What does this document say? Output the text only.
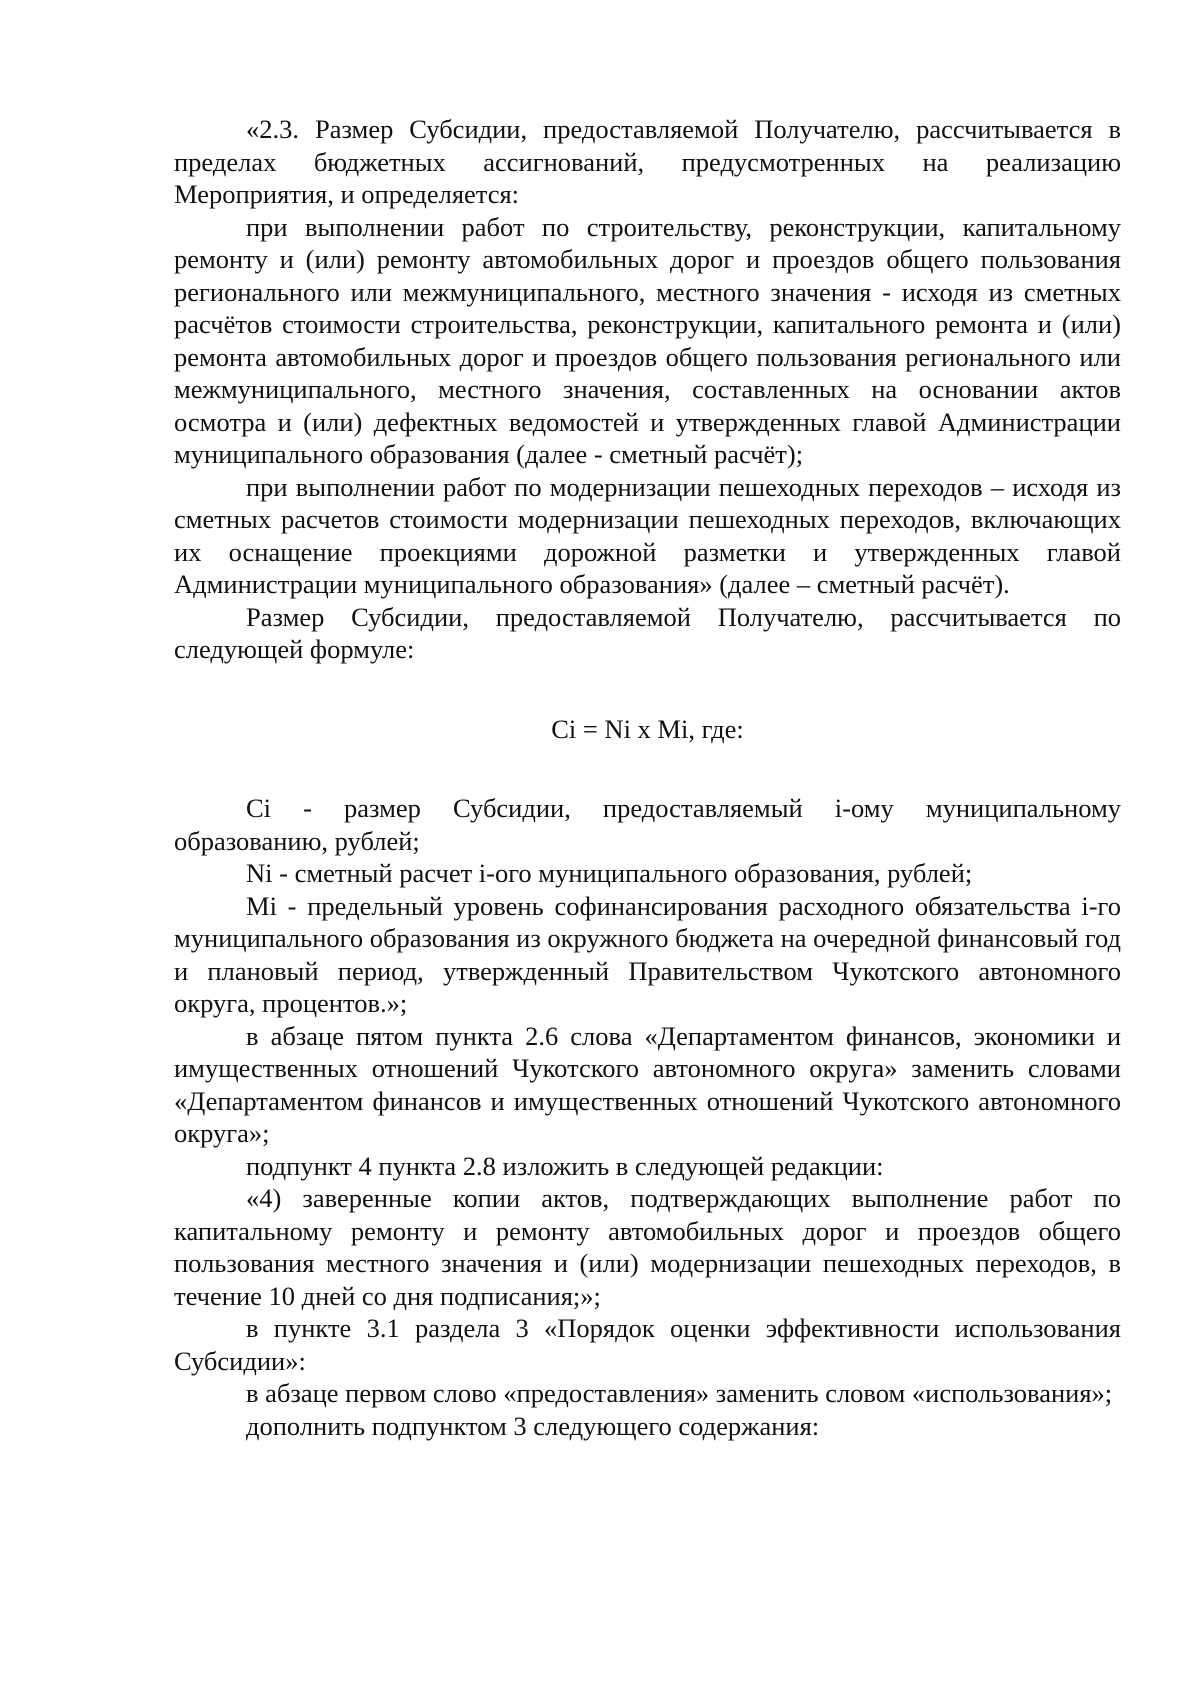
«2.3. Размер Субсидии, предоставляемой Получателю, рассчитывается в пределах бюджетных ассигнований, предусмотренных на реализацию Мероприятия, и определяется:

при выполнении работ по строительству, реконструкции, капитальному ремонту и (или) ремонту автомобильных дорог и проездов общего пользования регионального или межмуниципального, местного значения - исходя из сметных расчётов стоимости строительства, реконструкции, капитального ремонта и (или) ремонта автомобильных дорог и проездов общего пользования регионального или межмуниципального, местного значения, составленных на основании актов осмотра и (или) дефектных ведомостей и утвержденных главой Администрации муниципального образования (далее - сметный расчёт);

при выполнении работ по модернизации пешеходных переходов – исходя из сметных расчетов стоимости модернизации пешеходных переходов, включающих их оснащение проекциями дорожной разметки и утвержденных главой Администрации муниципального образования» (далее – сметный расчёт).

Размер Субсидии, предоставляемой Получателю, рассчитывается по следующей формуле:

Ci = Ni x Mi, где:

Ci - размер Субсидии, предоставляемый i-ому муниципальному образованию, рублей;

Ni - сметный расчет i-ого муниципального образования, рублей;

Mi - предельный уровень софинансирования расходного обязательства i-го муниципального образования из окружного бюджета на очередной финансовый год и плановый период, утвержденный Правительством Чукотского автономного округа, процентов.»;

в абзаце пятом пункта 2.6 слова «Департаментом финансов, экономики и имущественных отношений Чукотского автономного округа» заменить словами «Департаментом финансов и имущественных отношений Чукотского автономного округа»;

подпункт 4 пункта 2.8 изложить в следующей редакции:

«4) заверенные копии актов, подтверждающих выполнение работ по капитальному ремонту и ремонту автомобильных дорог и проездов общего пользования местного значения и (или) модернизации пешеходных переходов, в течение 10 дней со дня подписания;»;

в пункте 3.1 раздела 3 «Порядок оценки эффективности использования Субсидии»:

в абзаце первом слово «предоставления» заменить словом «использования»;

дополнить подпунктом 3 следующего содержания:
